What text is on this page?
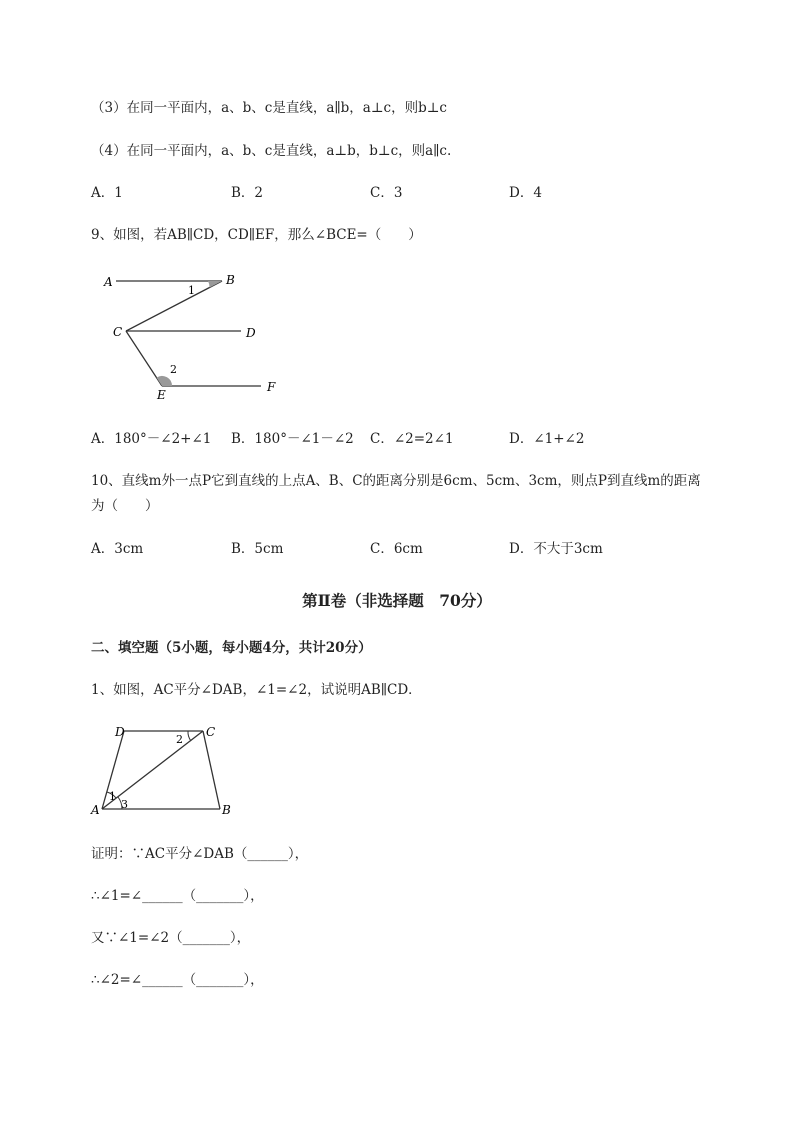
（3）在同一平面内，a、b、c是直线，a∥b，a⊥c，则b⊥c
（4）在同一平面内，a、b、c是直线，a⊥b，b⊥c，则a∥c.
A．1	B．2	C．3	D．4
9、如图，若AB∥CD，CD∥EF，那么∠BCE=（　　）
A	B
C	D
E
F
1
2
A．180°－∠2+∠1 B．180°－∠1－∠2 C．∠2=2∠1	D．∠1+∠2
10、直线m外一点P它到直线的上点A、B、C的距离分别是6cm、5cm、3cm，则点P到直线m的距离
为（　　）
A．3cm	B．5cm	C．6cm	D．不大于3cm
第Ⅱ卷（非选择题　70分）
二、填空题（5小题，每小题4分，共计20分）
1、如图，AC平分∠DAB，∠1=∠2，试说明AB∥CD．
D	C
A	B
1
2
3
证明：∵AC平分∠DAB（______），
∴∠1=∠______（_______），
又∵∠1=∠2（_______），
∴∠2=∠______（_______），
